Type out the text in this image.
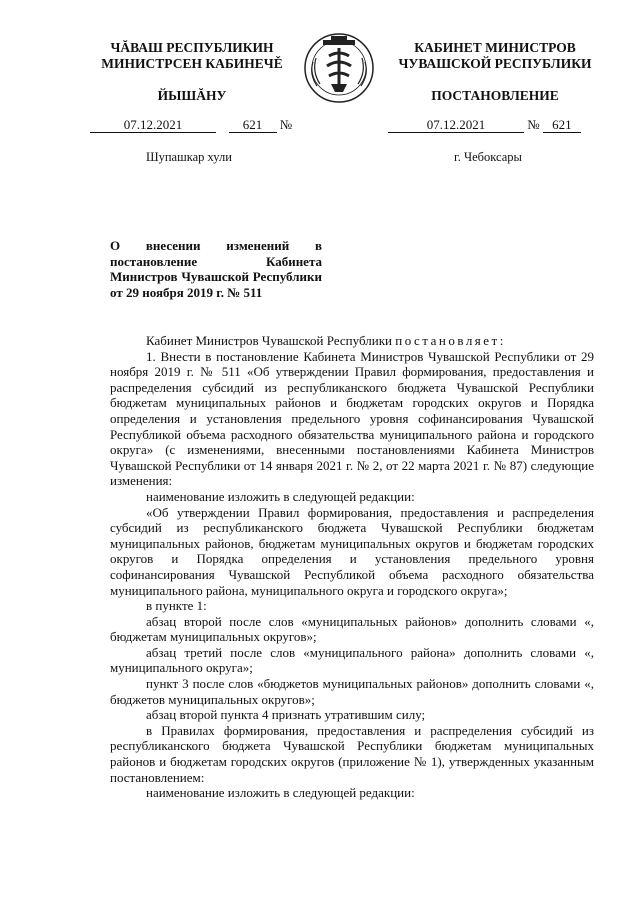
ЧĂВАШ РЕСПУБЛИКИН
МИНИСТРСЕН КАБИНЕЧĚ
ЙЫШĂНУ
КАБИНЕТ МИНИСТРОВ
ЧУВАШСКОЙ РЕСПУБЛИКИ
ПОСТАНОВЛЕНИЕ
07.12.2021	621 №	07.12.2021	№ 621
Шупашкар хули	г. Чебоксары
О внесении изменений в постановление Кабинета Министров Чувашской Республики от 29 ноября 2019 г. № 511

Кабинет Министров Чувашской Республики постановляет:

1. Внести в постановление Кабинета Министров Чувашской Республики от 29 ноября 2019 г. № 511 «Об утверждении Правил формирования, предоставления и распределения субсидий из республиканского бюджета Чувашской Республики бюджетам муниципальных районов и бюджетам городских округов и Порядка определения и установления предельного уровня софинансирования Чувашской Республикой объема расходного обязательства муниципального района и городского округа» (с изменениями, внесенными постановлениями Кабинета Министров Чувашской Республики от 14 января 2021 г. № 2, от 22 марта 2021 г. № 87) следующие изменения:

наименование изложить в следующей редакции:

«Об утверждении Правил формирования, предоставления и распределения субсидий из республиканского бюджета Чувашской Республики бюджетам муниципальных районов, бюджетам муниципальных округов и бюджетам городских округов и Порядка определения и установления предельного уровня софинансирования Чувашской Республикой объема расходного обязательства муниципального района, муниципального округа и городского округа»;

в пункте 1:

абзац второй после слов «муниципальных районов» дополнить словами «, бюджетам муниципальных округов»;

абзац третий после слов «муниципального района» дополнить словами «, муниципального округа»;

пункт 3 после слов «бюджетов муниципальных районов» дополнить словами «, бюджетов муниципальных округов»;

абзац второй пункта 4 признать утратившим силу;

в Правилах формирования, предоставления и распределения субсидий из республиканского бюджета Чувашской Республики бюджетам муниципальных районов и бюджетам городских округов (приложение № 1), утвержденных указанным постановлением:

наименование изложить в следующей редакции:
